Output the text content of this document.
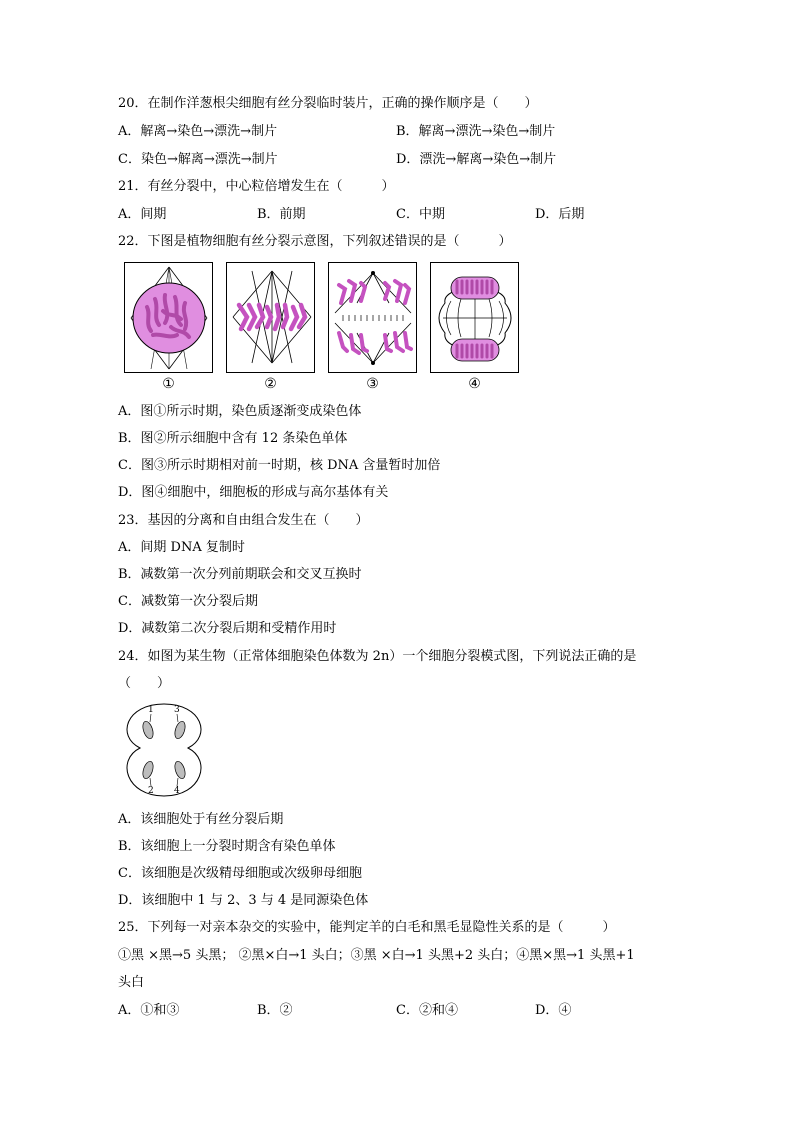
20．在制作洋葱根尖细胞有丝分裂临时装片，正确的操作顺序是（　　）
A．解离→染色→漂洗→制片	B．解离→漂洗→染色→制片
C．染色→解离→漂洗→制片	D．漂洗→解离→染色→制片
21．有丝分裂中，中心粒倍增发生在（　　　）
A．间期	B．前期	C．中期	D．后期
22．下图是植物细胞有丝分裂示意图，下列叙述错误的是（　　　）
①	②	③	④
A．图①所示时期，染色质逐渐变成染色体
B．图②所示细胞中含有 12 条染色单体
C．图③所示时期相对前一时期，核 DNA 含量暂时加倍
D．图④细胞中，细胞板的形成与高尔基体有关
23．基因的分离和自由组合发生在（　　）
A．间期 DNA 复制时
B．减数第一次分列前期联会和交叉互换时
C．减数第一次分裂后期
D．减数第二次分裂后期和受精作用时
24．如图为某生物（正常体细胞染色体数为 2n）一个细胞分裂模式图，下列说法正确的是
（　　）
1 3
2 4
A．该细胞处于有丝分裂后期
B．该细胞上一分裂时期含有染色单体
C．该细胞是次级精母细胞或次级卵母细胞
D．该细胞中 1 与 2、3 与 4 是同源染色体
25．下列每一对亲本杂交的实验中，能判定羊的白毛和黑毛显隐性关系的是（　　　）
①黑 ×黑→5 头黑； ②黑×白→1 头白；③黑 ×白→1 头黑+2 头白；④黑×黑→1 头黑+1
头白
A．①和③	B．②	C．②和④	D．④
